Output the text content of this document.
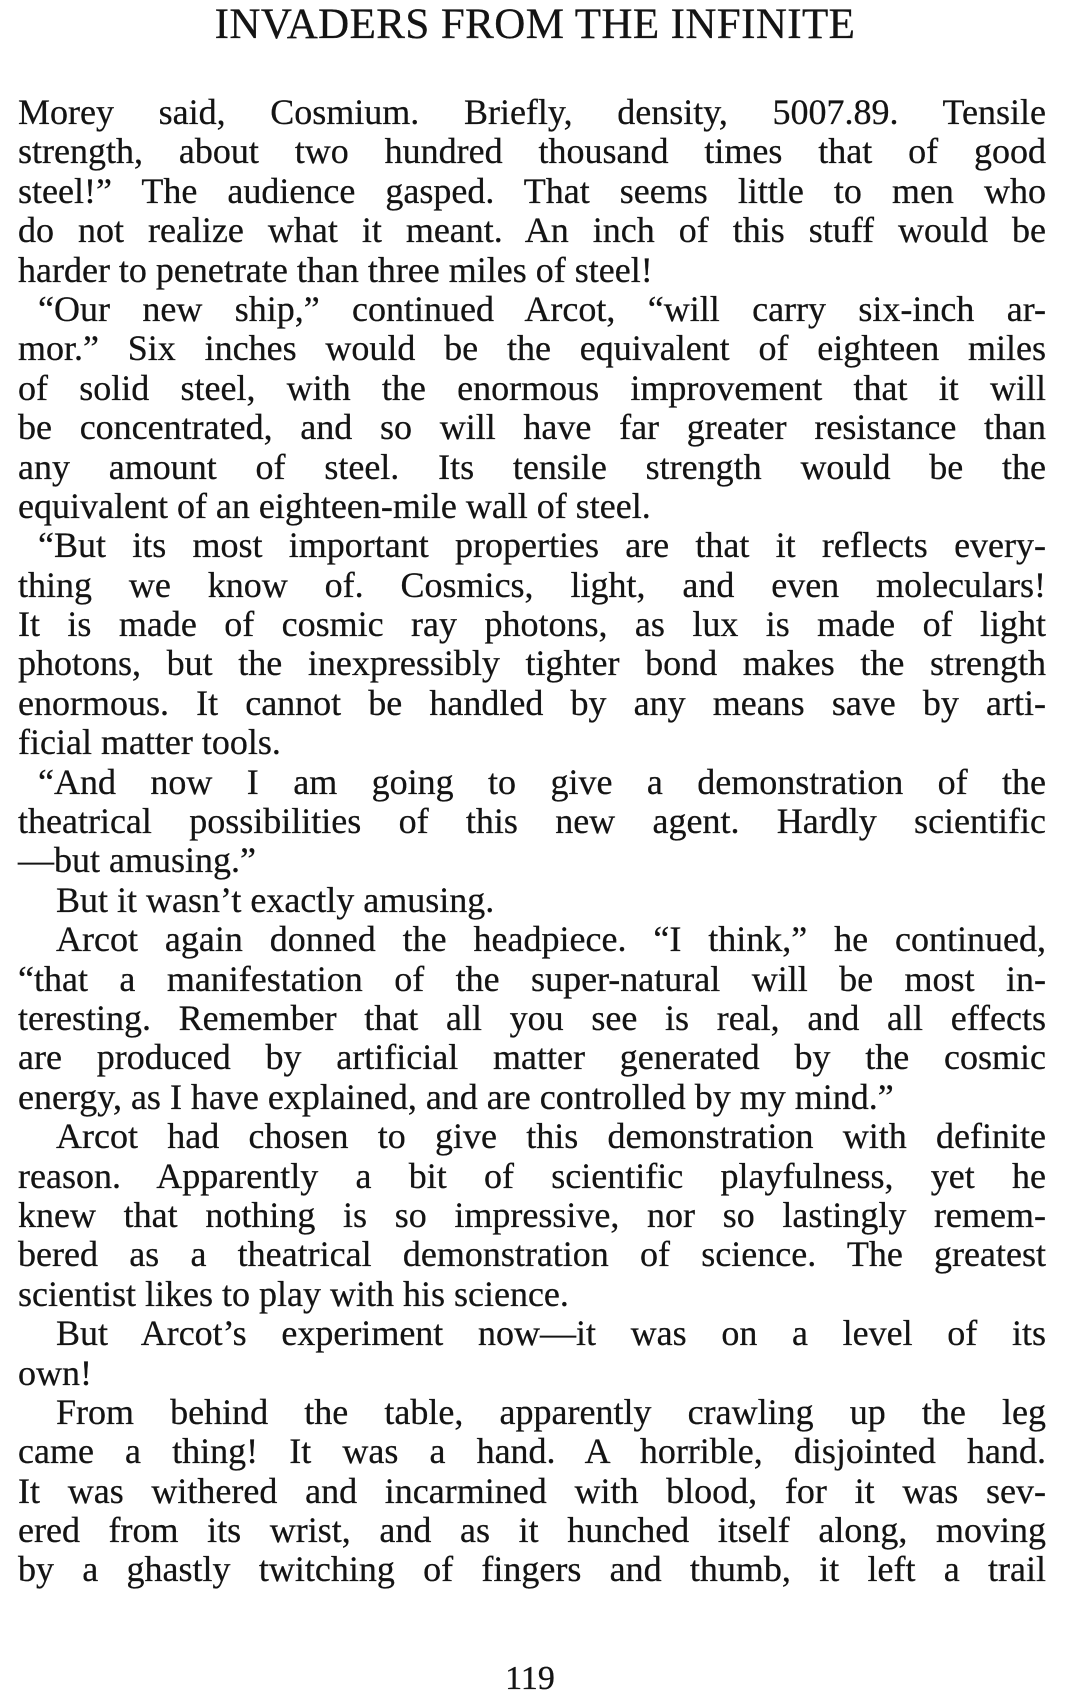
INVADERS FROM THE INFINITE
Morey said, Cosmium. Briefly, density, 5007.89. Tensile
strength, about two hundred thousand times that of good
steel!” The audience gasped. That seems little to men who
do not realize what it meant. An inch of this stuff would be
harder to penetrate than three miles of steel!
“Our new ship,” continued Arcot, “will carry six-inch ar-
mor.” Six inches would be the equivalent of eighteen miles
of solid steel, with the enormous improvement that it will
be concentrated, and so will have far greater resistance than
any amount of steel. Its tensile strength would be the
equivalent of an eighteen-mile wall of steel.
“But its most important properties are that it reflects every-
thing we know of. Cosmics, light, and even moleculars!
It is made of cosmic ray photons, as lux is made of light
photons, but the inexpressibly tighter bond makes the strength
enormous. It cannot be handled by any means save by arti-
ficial matter tools.
“And now I am going to give a demonstration of the
theatrical possibilities of this new agent. Hardly scientific
—but amusing.”
But it wasn’t exactly amusing.
Arcot again donned the headpiece. “I think,” he continued,
“that a manifestation of the super-natural will be most in-
teresting. Remember that all you see is real, and all effects
are produced by artificial matter generated by the cosmic
energy, as I have explained, and are controlled by my mind.”
Arcot had chosen to give this demonstration with definite
reason. Apparently a bit of scientific playfulness, yet he
knew that nothing is so impressive, nor so lastingly remem-
bered as a theatrical demonstration of science. The greatest
scientist likes to play with his science.
But Arcot’s experiment now—it was on a level of its
own!
From behind the table, apparently crawling up the leg
came a thing! It was a hand. A horrible, disjointed hand.
It was withered and incarmined with blood, for it was sev-
ered from its wrist, and as it hunched itself along, moving
by a ghastly twitching of fingers and thumb, it left a trail
119
